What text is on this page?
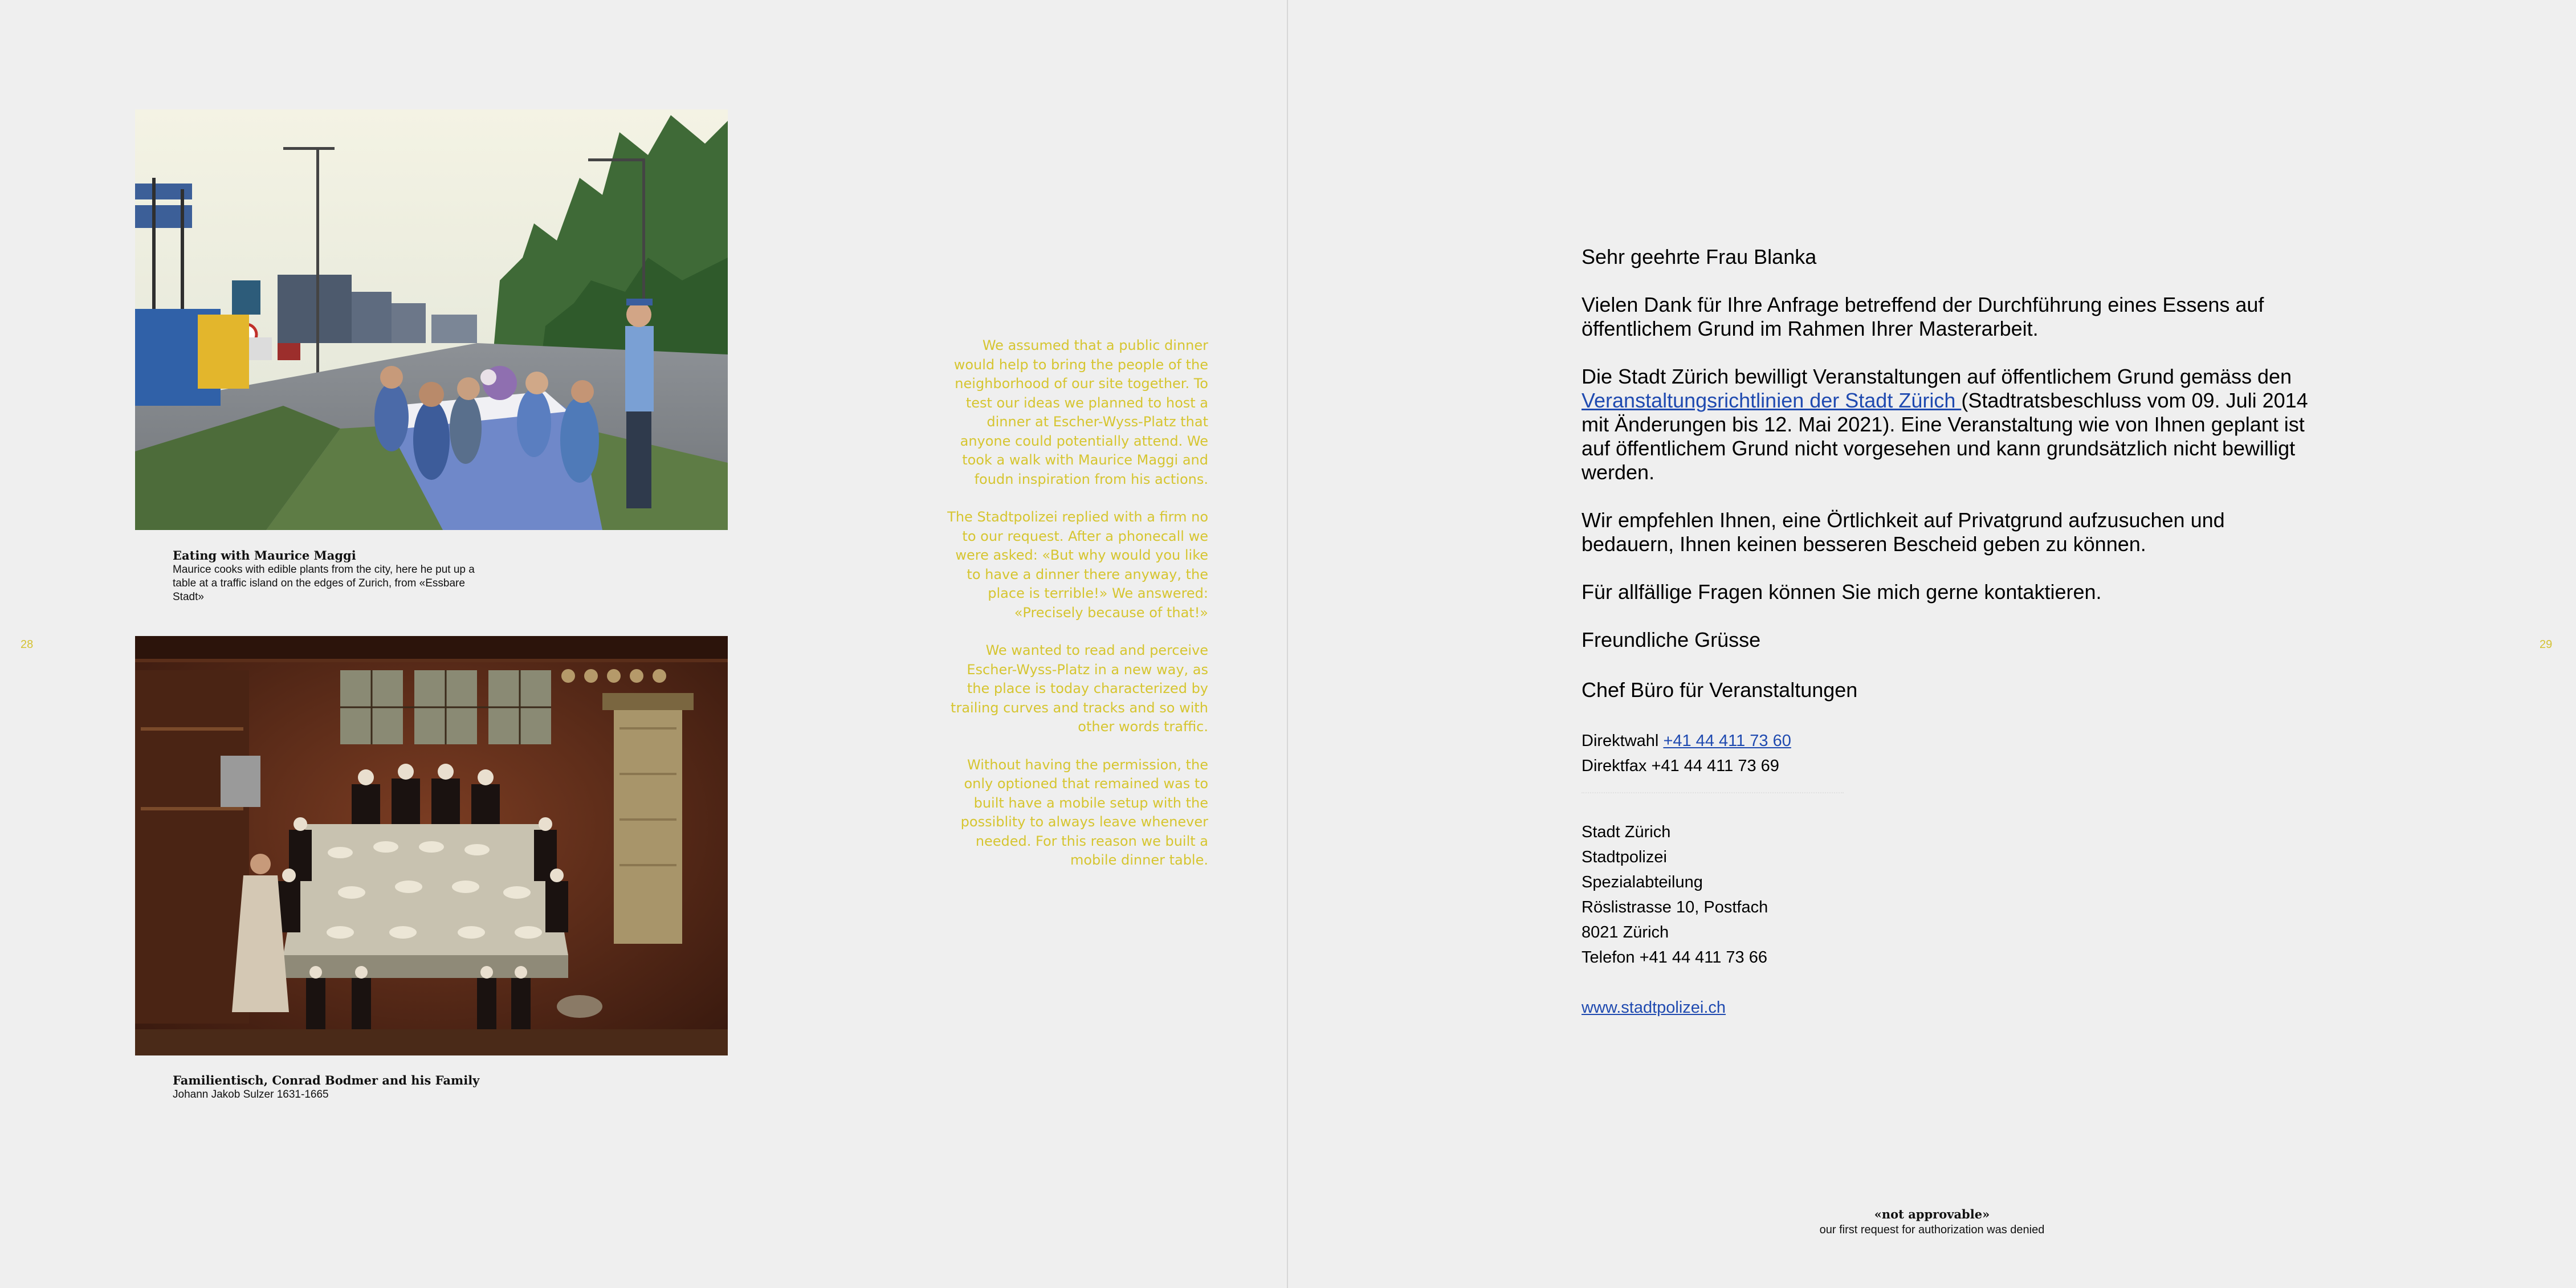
28
Eating with Maurice Maggi
Maurice cooks with edible plants from the city, here he put up a table at a traffic island on the edges of Zurich, from «Essbare Stadt»
Familientisch, Conrad Bodmer and his Family
Johann Jakob Sulzer 1631-1665

We assumed that a public dinner would help to bring the people of the neighborhood of our site together. To test our ideas we planned to host a dinner at Escher-Wyss-Platz that anyone could potentially attend. We took a walk with Maurice Maggi and foudn inspiration from his actions.

The Stadtpolizei replied with a firm no to our request. After a phonecall we were asked: «But why would you like to have a dinner there anyway, the place is terrible!» We answered: «Precisely because of that!»

We wanted to read and perceive Escher-Wyss-Platz in a new way, as the place is today characterized by trailing curves and tracks and so with other words traffic.

Without having the permission, the only optioned that remained was to built have a mobile setup with the possiblity to always leave whenever needed. For this reason we built a mobile dinner table.

29

Sehr geehrte Frau Blanka

Vielen Dank für Ihre Anfrage betreffend der Durchführung eines Essens auf öffentlichem Grund im Rahmen Ihrer Masterarbeit.

Die Stadt Zürich bewilligt Veranstaltungen auf öffentlichem Grund gemäss den Veranstaltungsrichtlinien der Stadt Zürich (Stadtratsbeschluss vom 09. Juli 2014 mit Änderungen bis 12. Mai 2021). Eine Veranstaltung wie von Ihnen geplant ist auf öffentlichem Grund nicht vorgesehen und kann grundsätzlich nicht bewilligt werden.

Wir empfehlen Ihnen, eine Örtlichkeit auf Privatgrund aufzusuchen und bedauern, Ihnen keinen besseren Bescheid geben zu können.

Für allfällige Fragen können Sie mich gerne kontaktieren.

Freundliche Grüsse

Chef Büro für Veranstaltungen

Direktwahl +41 44 411 73 60

Direktfax +41 44 411 73 69

Stadt Zürich

Stadtpolizei

Spezialabteilung

Röslistrasse 10, Postfach

8021 Zürich

Telefon +41 44 411 73 66

www.stadtpolizei.ch

«not approvable»
our first request for authorization was denied
